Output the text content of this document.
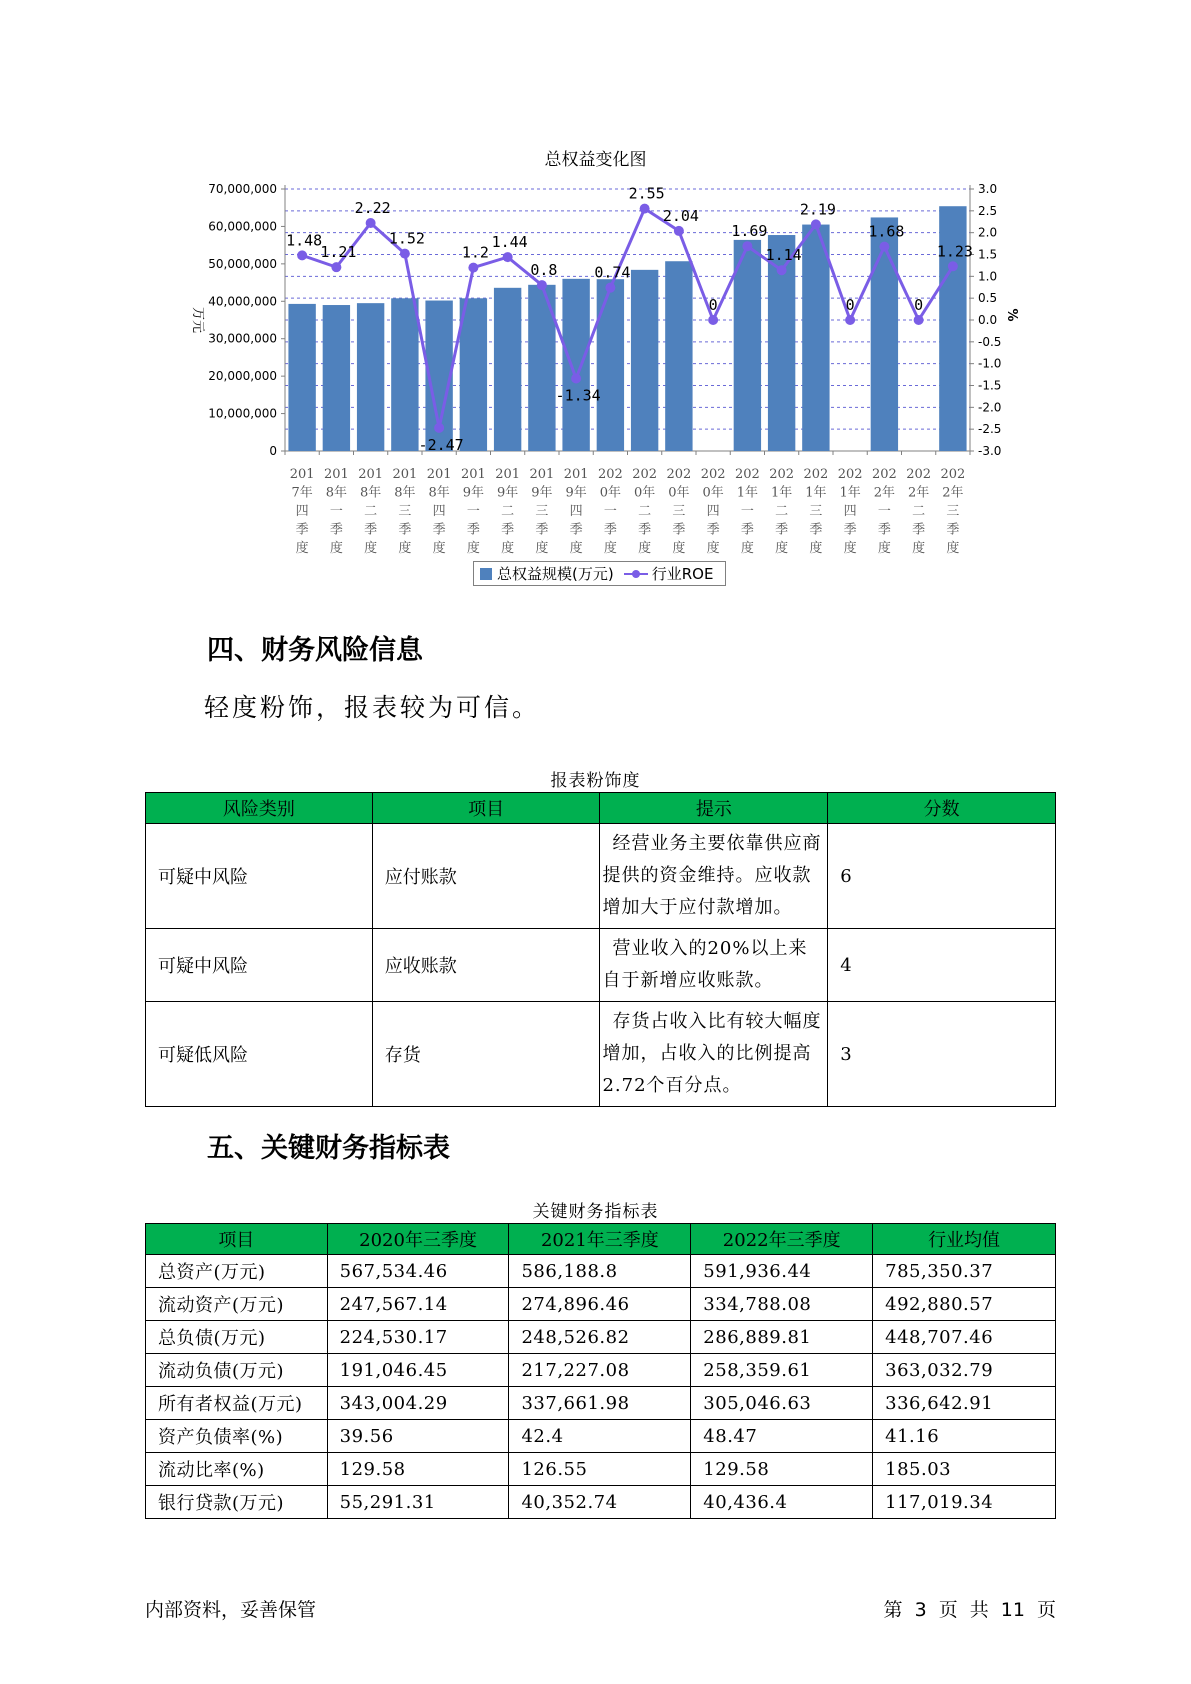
总权益变化图
70,000,000
60,000,000
50,000,000
40,000,000
30,000,000
20,000,000
10,000,000
0
3.0
2.5
2.0
1.5
1.0
0.5
0.0
-0.5
-1.0
-1.5
-2.0
-2.5
-3.0
万元	%
201
7年
四
季
度
201
8年
一
季
度
201
8年
二
季
度
201
8年
三
季
度
201
8年
四
季
度
201
9年
一
季
度
201
9年
二
季
度
201
9年
三
季
度
201
9年
四
季
度
202
0年
一
季
度
202
0年
二
季
度
202
0年
三
季
度
202
0年
四
季
度
202
1年
一
季
度
202
1年
二
季
度
202
1年
三
季
度
202
1年
四
季
度
202
2年
一
季
度
202
2年
二
季
度
202
2年
三
季
度
1.48
1.21
2.22
1.52
-2.47
1.2
1.44
0.8
-1.34
0.74
2.55
2.04
0
1.69
1.14
2.19
0
1.68
0
1.23
总权益规模(万元)	行业ROE
四、财务风险信息
轻度粉饰，报表较为可信。
报表粉饰度
风险类别	项目	提示	分数
可疑中风险	应付账款	经营业务主要依靠供应商提供的资金维持。应收款增加大于应付款增加。	6
可疑中风险	应收账款	营业收入的20%以上来自于新增应收账款。	4
可疑低风险	存货	存货占收入比有较大幅度增加，占收入的比例提高2.72个百分点。	3
五、关键财务指标表
关键财务指标表
项目	2020年三季度	2021年三季度	2022年三季度	行业均值
总资产(万元)	567,534.46	586,188.8	591,936.44	785,350.37
流动资产(万元)	247,567.14	274,896.46	334,788.08	492,880.57
总负债(万元)	224,530.17	248,526.82	286,889.81	448,707.46
流动负债(万元)	191,046.45	217,227.08	258,359.61	363,032.79
所有者权益(万元)	343,004.29	337,661.98	305,046.63	336,642.91
资产负债率(%)	39.56	42.4	48.47	41.16
流动比率(%)	129.58	126.55	129.58	185.03
银行贷款(万元)	55,291.31	40,352.74	40,436.4	117,019.34
内部资料，妥善保管	第 3 页 共 11 页
